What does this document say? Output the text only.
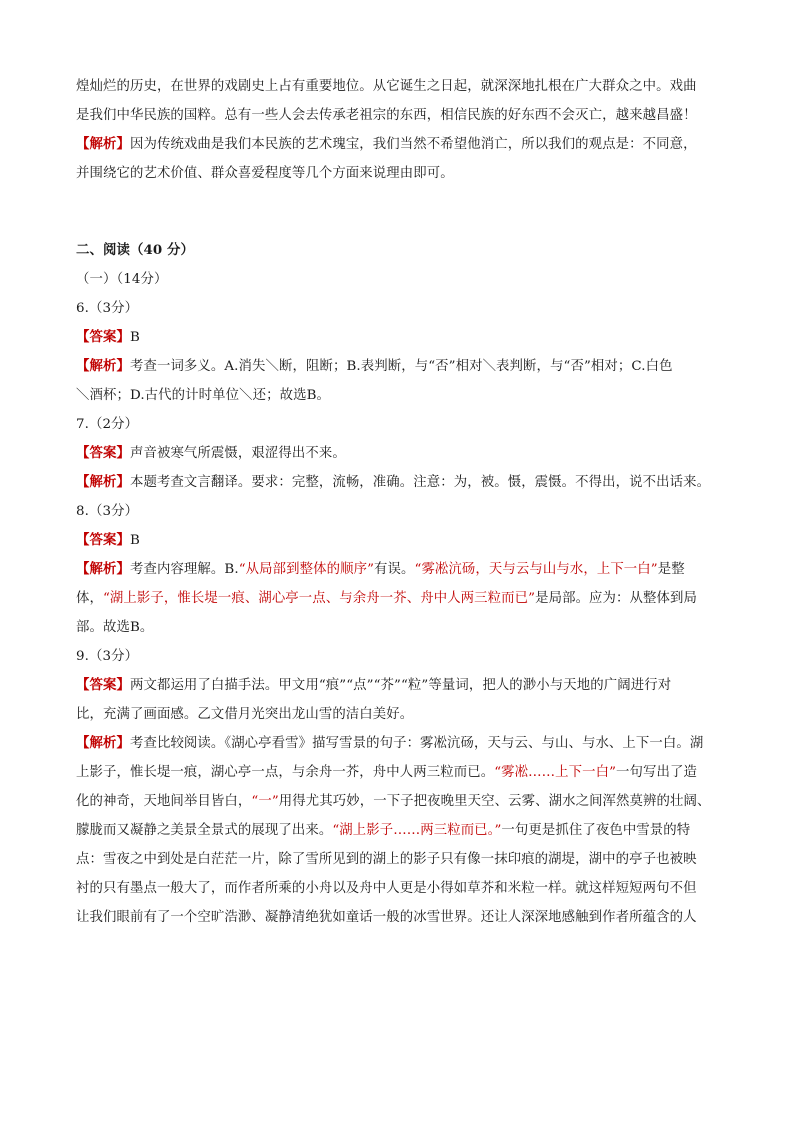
煌灿烂的历史，在世界的戏剧史上占有重要地位。从它诞生之日起，就深深地扎根在广大群众之中。戏曲
是我们中华民族的国粹。总有一些人会去传承老祖宗的东西，相信民族的好东西不会灭亡，越来越昌盛！
【解析】因为传统戏曲是我们本民族的艺术瑰宝，我们当然不希望他消亡，所以我们的观点是：不同意，
并围绕它的艺术价值、群众喜爱程度等几个方面来说理由即可。
二、阅读（40 分）
（一）（14分）
6.（3分）
【答案】B
【解析】考查一词多义。A.消失＼断，阻断；B.表判断，与“否”相对＼表判断，与“否”相对；C.白色
＼酒杯；D.古代的计时单位＼还；故选B。
7.（2分）
【答案】声音被寒气所震慑，艰涩得出不来。
【解析】本题考查文言翻译。要求：完整，流畅，准确。注意：为，被。慑，震慑。不得出，说不出话来。
8.（3分）
【答案】B
【解析】考查内容理解。B.“从局部到整体的顺序”有误。“雾凇沆砀，天与云与山与水，上下一白”是整
体，“湖上影子，惟长堤一痕、湖心亭一点、与余舟一芥、舟中人两三粒而已”是局部。应为：从整体到局
部。故选B。
9.（3分）
【答案】两文都运用了白描手法。甲文用“痕”“点”“芥”“粒”等量词，把人的渺小与天地的广阔进行对
比，充满了画面感。乙文借月光突出龙山雪的洁白美好。
【解析】考查比较阅读。《湖心亭看雪》描写雪景的句子：雾凇沆砀，天与云、与山、与水、上下一白。湖
上影子，惟长堤一痕，湖心亭一点，与余舟一芥，舟中人两三粒而已。“雾凇……上下一白”一句写出了造
化的神奇，天地间举目皆白，“一”用得尤其巧妙，一下子把夜晚里天空、云雾、湖水之间浑然莫辨的壮阔、
朦胧而又凝静之美景全景式的展现了出来。“湖上影子……两三粒而已。”一句更是抓住了夜色中雪景的特
点：雪夜之中到处是白茫茫一片，除了雪所见到的湖上的影子只有像一抹印痕的湖堤，湖中的亭子也被映
衬的只有墨点一般大了，而作者所乘的小舟以及舟中人更是小得如草芥和米粒一样。就这样短短两句不但
让我们眼前有了一个空旷浩渺、凝静清绝犹如童话一般的冰雪世界。还让人深深地感触到作者所蕴含的人
